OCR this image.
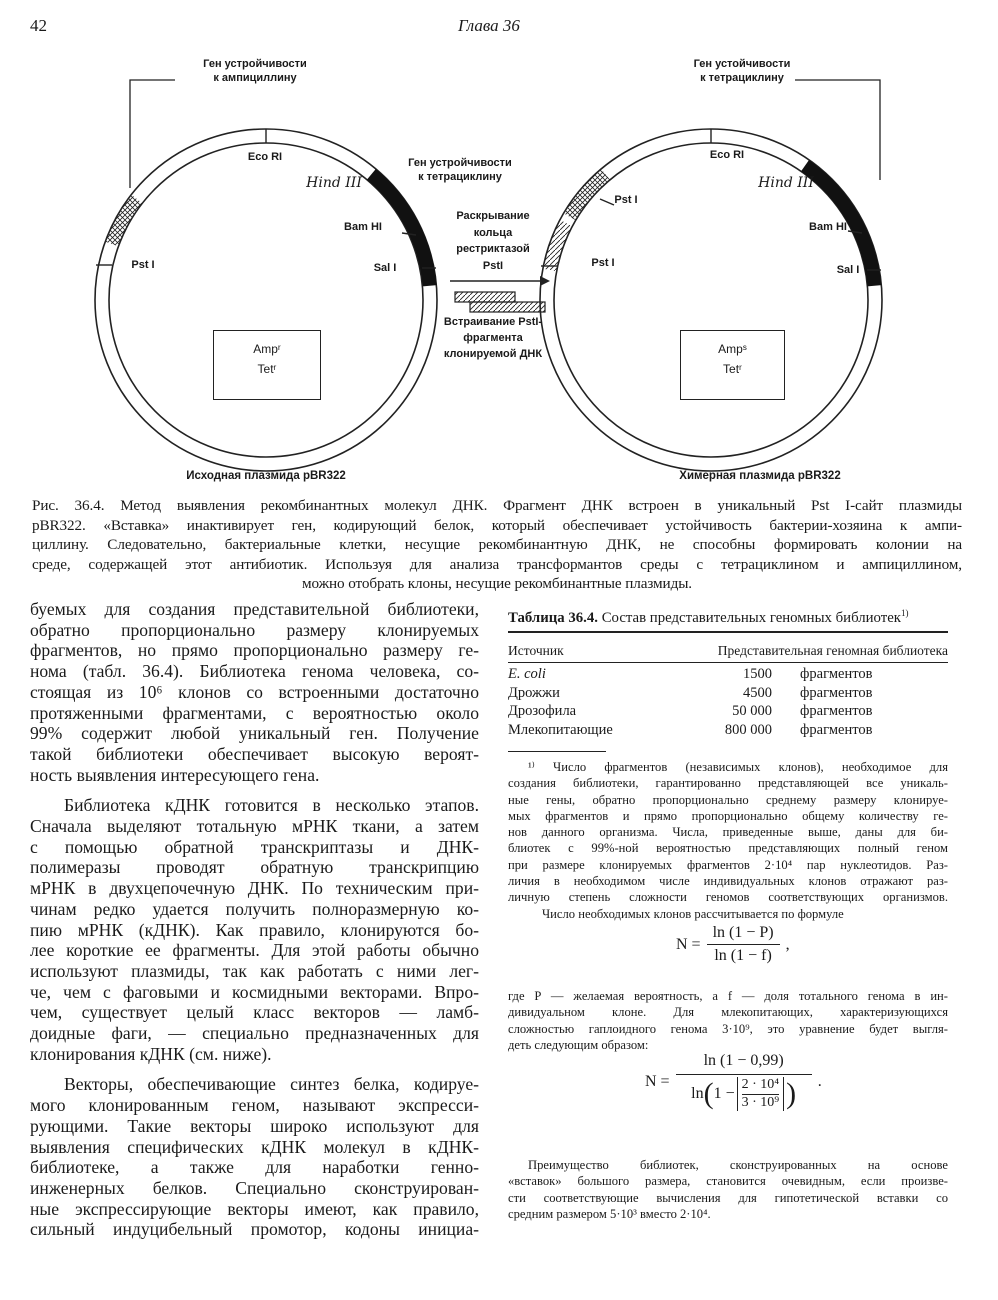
42	Глава 36
Ген устройчивости
к ампициллину
Eco RI
Hind III
Bam HI
Sal I
Pst I
Ampʳ
Tetʳ
Исходная плазмида pBR322
Ген устройчивости
к тетрациклину
Раскрывание
кольца
рестриктазой
PstI
Встраивание PstI-
фрагмента
клонируемой ДНК
Ген устойчивости
к тетрациклину
Eco RI
Hind III
Bam HI
Sal I
Pst I
Pst I
Ampˢ
Tetʳ
Химерная плазмида pBR322
Рис. 36.4. Метод выявления рекомбинантных молекул ДНК. Фрагмент ДНК встроен в уникальный Pst I-сайт плазмиды
pBR322. «Вставка» инактивирует ген, кодирующий белок, который обеспечивает устойчивость бактерии-хозяина к ампи-
циллину. Следовательно, бактериальные клетки, несущие рекомбинантную ДНК, не способны формировать колонии на
среде, содержащей этот антибиотик. Используя для анализа трансформантов среды с тетрациклином и ампициллином,
можно отобрать клоны, несущие рекомбинантные плазмиды.
буемых для создания представительной библиотеки,
обратно пропорционально размеру клонируемых
фрагментов, но прямо пропорционально размеру ге-
нома (табл. 36.4). Библиотека генома человека, со-
стоящая из 10⁶ клонов со встроенными достаточно
протяженными фрагментами, с вероятностью около
99% содержит любой уникальный ген. Получение
такой библиотеки обеспечивает высокую вероят-
ность выявления интересующего гена.
Библиотека кДНК готовится в несколько этапов.
Сначала выделяют тотальную мРНК ткани, а затем
с помощью обратной транскриптазы и ДНК-
полимеразы проводят обратную транскрипцию
мРНК в двухцепочечную ДНК. По техническим при-
чинам редко удается получить полноразмерную ко-
пию мРНК (кДНК). Как правило, клонируются бо-
лее короткие ее фрагменты. Для этой работы обычно
используют плазмиды, так как работать с ними лег-
че, чем с фаговыми и космидными векторами. Впро-
чем, существует целый класс векторов — ламб-
доидные фаги, — специально предназначенных для
клонирования кДНК (см. ниже).
Векторы, обеспечивающие синтез белка, кодируе-
мого клонированным геном, называют экспресси-
рующими. Такие векторы широко используют для
выявления специфических кДНК молекул в кДНК-
библиотеке, а также для наработки генно-
инженерных белков. Специально сконструирован-
ные экспрессирующие векторы имеют, как правило,
сильный индуцибельный промотор, кодоны инициа-
Таблица 36.4. Состав представительных геномных библиотек$^{1)}$
Источник	Представительная геномная библиотека
E. coli	1500 фрагментов
Дрожжи	4500 фрагментов
Дрозофила	50 000 фрагментов
Млекопитающие	800 000 фрагментов
¹⁾ Число фрагментов (независимых клонов), необходимое для
создания библиотеки, гарантированно представляющей все уникаль-
ные гены, обратно пропорционально среднему размеру клонируе-
мых фрагментов и прямо пропорционально общему количеству ге-
нов данного организма. Числа, приведенные выше, даны для би-
блиотек с 99%-ной вероятностью представляющих полный геном
при размере клонируемых фрагментов 2·10⁴ пар нуклеотидов. Раз-
личия в необходимом числе индивидуальных клонов отражают раз-
личную степень сложности геномов соответствующих организмов.
Число необходимых клонов рассчитывается по формуле
$N = \frac{\ln (1 - P)}{\ln (1 - f)}$ ,
где P — желаемая вероятность, а f — доля тотального генома в ин-
дивидуальном клоне. Для млекопитающих, характеризующихся
сложностью гаплоидного генома 3·10⁹, это уравнение будет выгля-
деть следующим образом:
$N = \frac{\ln (1 - 0,99)}{\ln ( 1 - \frac{\text{2 · 10⁴}}{\text{3 · 10⁹}} )}$ .
Преимущество библиотек, сконструированных на основе
«вставок» большого размера, становится очевидным, если произве-
сти соответствующие вычисления для гипотетической вставки со
средним размером 5·10³ вместо 2·10⁴.
